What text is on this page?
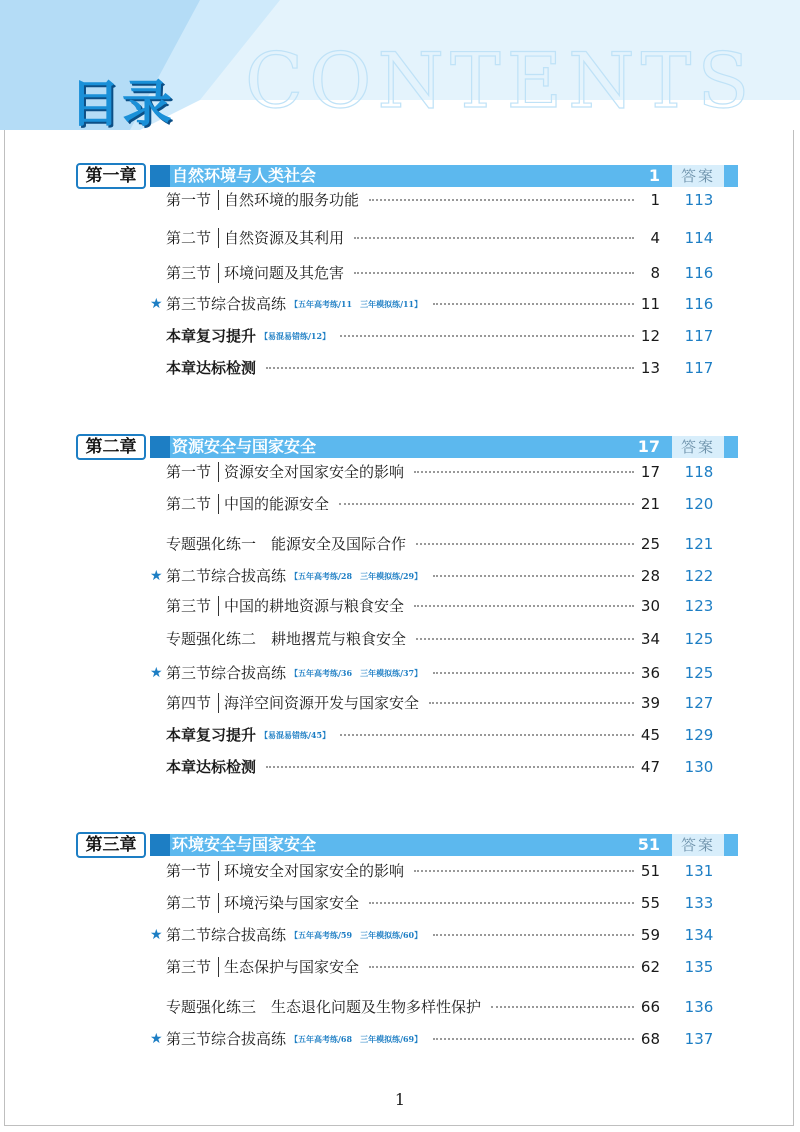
CONTENTS
目录
第一章	自然环境与人类社会	1	答案
第一节 自然环境的服务功能	1	113
第二节 自然资源及其利用	4	114
第三节 环境问题及其危害	8	116
★ 第三节综合拔高练 【五年高考练/11　三年模拟练/11】	11	116
本章复习提升 【易混易错练/12】	12	117
本章达标检测	13	117
第二章	资源安全与国家安全	17	答案
第一节 资源安全对国家安全的影响	17	118
第二节 中国的能源安全	21	120
专题强化练一　能源安全及国际合作	25	121
★ 第二节综合拔高练 【五年高考练/28　三年模拟练/29】	28	122
第三节 中国的耕地资源与粮食安全	30	123
专题强化练二　耕地撂荒与粮食安全	34	125
★ 第三节综合拔高练 【五年高考练/36　三年模拟练/37】	36	125
第四节 海洋空间资源开发与国家安全	39	127
本章复习提升 【易混易错练/45】	45	129
本章达标检测	47	130
第三章	环境安全与国家安全	51	答案
第一节 环境安全对国家安全的影响	51	131
第二节 环境污染与国家安全	55	133
★ 第二节综合拔高练 【五年高考练/59　三年模拟练/60】	59	134
第三节 生态保护与国家安全	62	135
专题强化练三　生态退化问题及生物多样性保护	66	136
★ 第三节综合拔高练 【五年高考练/68　三年模拟练/69】	68	137
1
